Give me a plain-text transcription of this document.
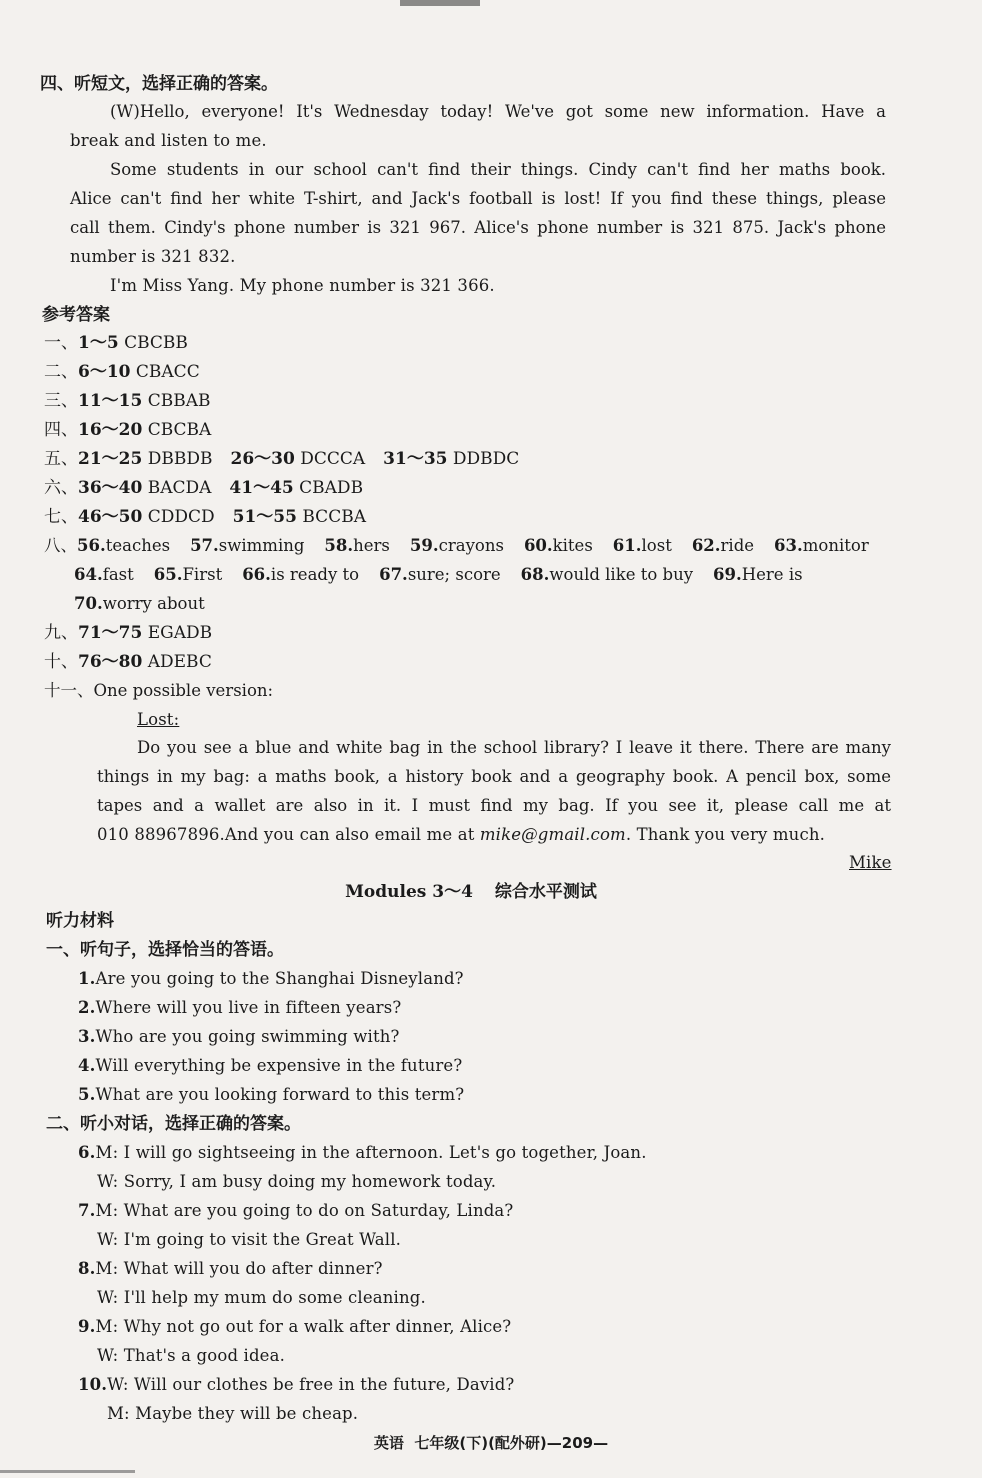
四、听短文，选择正确的答案。
(W)Hello, everyone! It's Wednesday today! We've got some new information. Have a
break and listen to me.
Some students in our school can't find their things. Cindy can't find her maths book.
Alice can't find her white T-shirt, and Jack's football is lost! If you find these things, please
call them. Cindy's phone number is 321 967. Alice's phone number is 321 875. Jack's phone
number is 321 832.
I'm Miss Yang. My phone number is 321 366.
参考答案
一、1～5 CBCBB
二、6～10 CBACC
三、11～15 CBBAB
四、16～20 CBCBA
五、21～25 DBBDB 26～30 DCCCA 31～35 DDBDC
六、36～40 BACDA 41～45 CBADB
七、46～50 CDDCD 51～55 BCCBA
八、56.teaches 57.swimming 58.hers 59.crayons 60.kites 61.lost 62.ride 63.monitor
64.fast 65.First 66.is ready to 67.sure; score 68.would like to buy 69.Here is
70.worry about
九、71～75 EGADB
十、76～80 ADEBC
十一、One possible version:
Lost:
Do you see a blue and white bag in the school library? I leave it there. There are many
things in my bag: a maths book, a history book and a geography book. A pencil box, some
tapes and a wallet are also in it. I must find my bag. If you see it, please call me at
010 88967896.And you can also email me at mike@gmail.com. Thank you very much.
Mike
Modules 3～4 综合水平测试
听力材料
一、听句子，选择恰当的答语。
1.Are you going to the Shanghai Disneyland?
2.Where will you live in fifteen years?
3.Who are you going swimming with?
4.Will everything be expensive in the future?
5.What are you looking forward to this term?
二、听小对话，选择正确的答案。
6.M: I will go sightseeing in the afternoon. Let's go together, Joan.
W: Sorry, I am busy doing my homework today.
7.M: What are you going to do on Saturday, Linda?
W: I'm going to visit the Great Wall.
8.M: What will you do after dinner?
W: I'll help my mum do some cleaning.
9.M: Why not go out for a walk after dinner, Alice?
W: That's a good idea.
10.W: Will our clothes be free in the future, David?
M: Maybe they will be cheap.
英语 七年级(下)(配外研)—209—
